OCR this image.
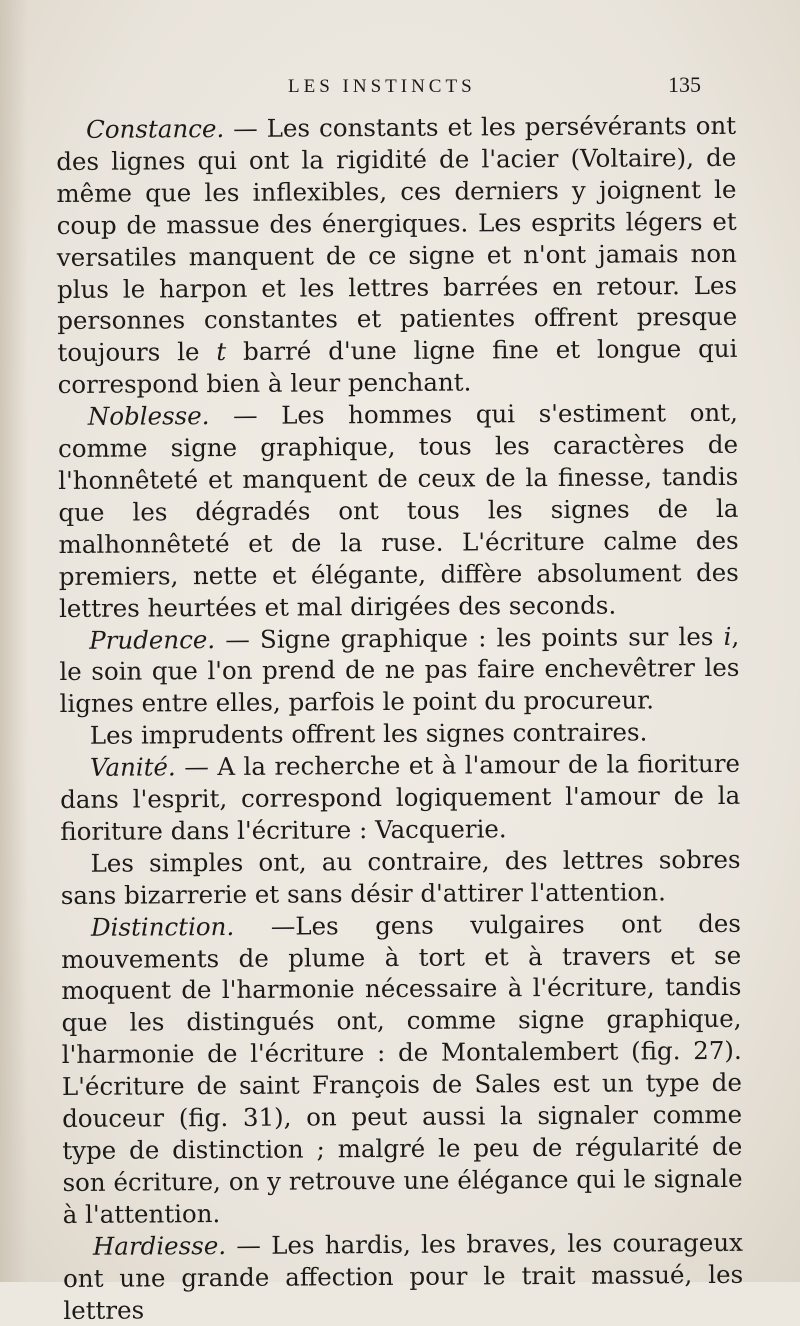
LES INSTINCTS	135

Constance. — Les constants et les persévérants ont des lignes qui ont la rigidité de l'acier (Voltaire), de même que les inflexibles, ces derniers y joignent le coup de massue des énergiques. Les esprits légers et versatiles manquent de ce signe et n'ont jamais non plus le harpon et les lettres barrées en retour. Les personnes constantes et patientes offrent presque toujours le t barré d'une ligne fine et longue qui correspond bien à leur penchant.

Noblesse. — Les hommes qui s'estiment ont, comme signe graphique, tous les caractères de l'honnêteté et manquent de ceux de la finesse, tandis que les dégradés ont tous les signes de la malhonnêteté et de la ruse. L'écriture calme des premiers, nette et élégante, diffère absolument des lettres heurtées et mal dirigées des seconds.

Prudence. — Signe graphique : les points sur les i, le soin que l'on prend de ne pas faire enchevêtrer les lignes entre elles, parfois le point du procureur.

Les imprudents offrent les signes contraires.

Vanité. — A la recherche et à l'amour de la fioriture dans l'esprit, correspond logiquement l'amour de la fioriture dans l'écriture : Vacquerie.

Les simples ont, au contraire, des lettres sobres sans bizarrerie et sans désir d'attirer l'attention.

Distinction. —Les gens vulgaires ont des mouvements de plume à tort et à travers et se moquent de l'harmonie nécessaire à l'écriture, tandis que les distingués ont, comme signe graphique, l'harmonie de l'écriture : de Montalembert (fig. 27). L'écriture de saint François de Sales est un type de douceur (fig. 31), on peut aussi la signaler comme type de distinction ; malgré le peu de régularité de son écriture, on y retrouve une élégance qui le signale à l'attention.

Hardiesse. — Les hardis, les braves, les courageux ont une grande affection pour le trait massué, les lettres
